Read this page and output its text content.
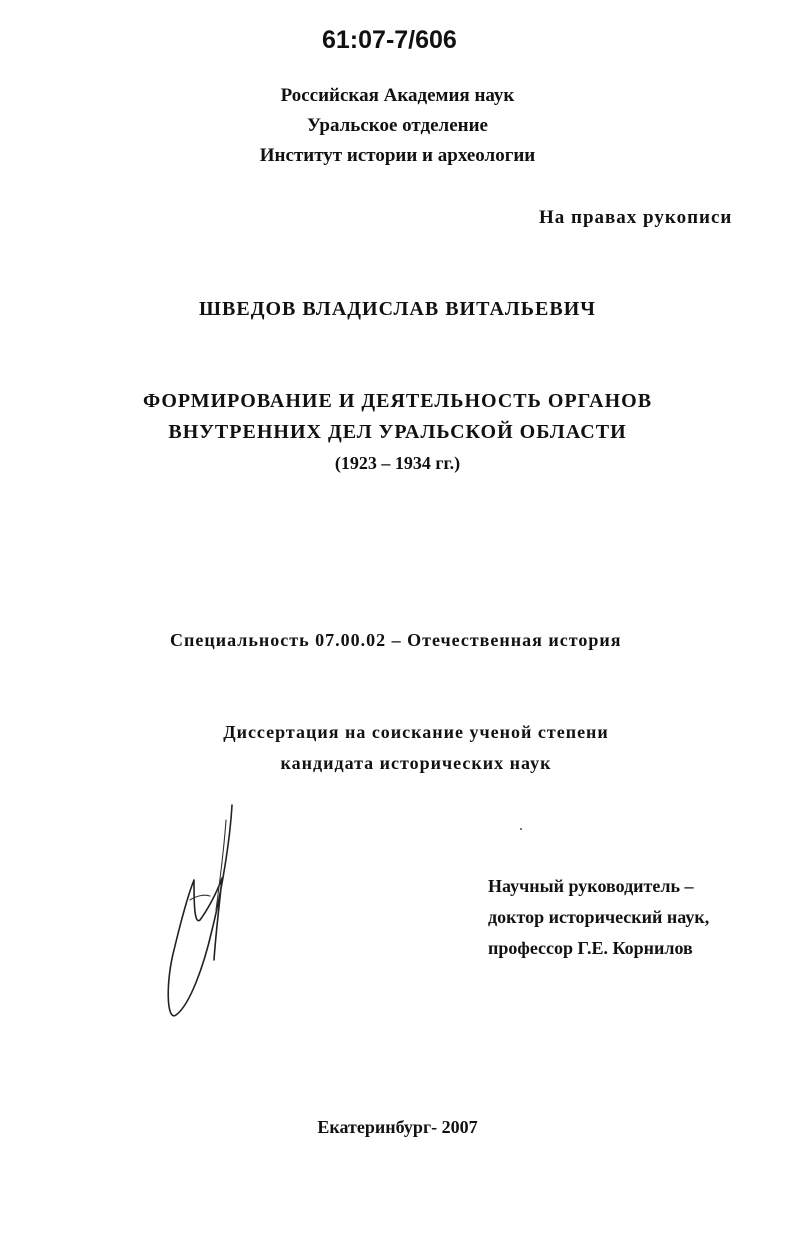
61:07-7/606
Российская Академия наук
Уральское отделение
Институт истории и археологии
На правах рукописи
ШВЕДОВ ВЛАДИСЛАВ ВИТАЛЬЕВИЧ
ФОРМИРОВАНИЕ И ДЕЯТЕЛЬНОСТЬ ОРГАНОВ
ВНУТРЕННИХ ДЕЛ УРАЛЬСКОЙ ОБЛАСТИ
(1923 – 1934 гг.)
Специальность 07.00.02 – Отечественная история
Диссертация на соискание ученой степени
кандидата исторических наук
Научный руководитель –
доктор исторический наук,
профессор Г.Е. Корнилов
Екатеринбург- 2007
